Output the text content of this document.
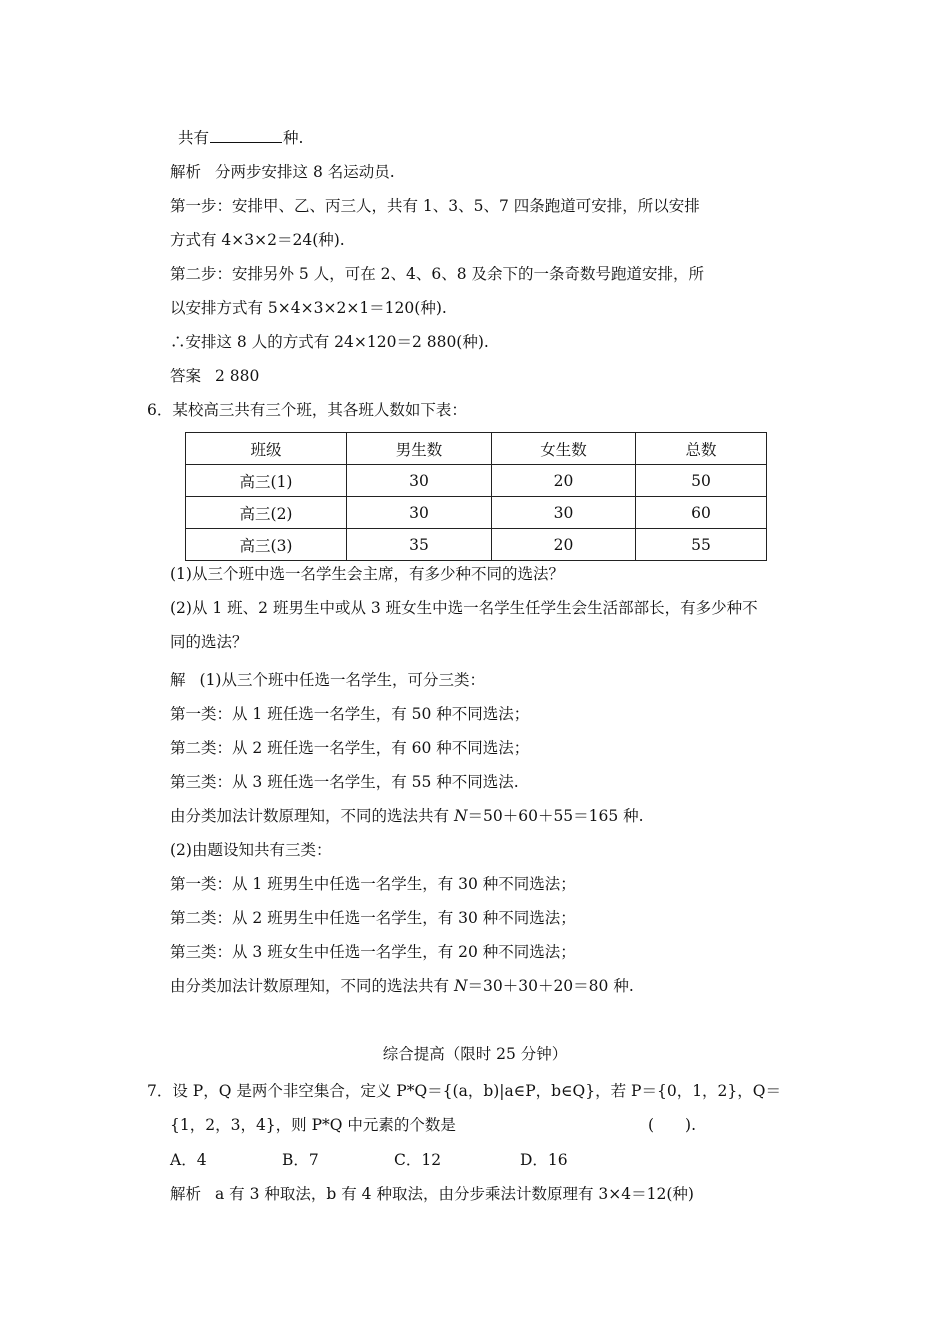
共有	种.
解析 分两步安排这 8 名运动员.
第一步：安排甲、乙、丙三人，共有 1、3、5、7 四条跑道可安排，所以安排
方式有 4×3×2＝24(种).
第二步：安排另外 5 人，可在 2、4、6、8 及余下的一条奇数号跑道安排，所
以安排方式有 5×4×3×2×1＝120(种).
∴安排这 8 人的方式有 24×120＝2 880(种).
答案 2 880
6．某校高三共有三个班，其各班人数如下表：
班级	男生数	女生数	总数
高三(1)	30	20	50
高三(2)	30	30	60
高三(3)	35	20	55
(1)从三个班中选一名学生会主席，有多少种不同的选法？
(2)从 1 班、2 班男生中或从 3 班女生中选一名学生任学生会生活部部长，有多少种不
同的选法？
解 (1)从三个班中任选一名学生，可分三类：
第一类：从 1 班任选一名学生，有 50 种不同选法；
第二类：从 2 班任选一名学生，有 60 种不同选法；
第三类：从 3 班任选一名学生，有 55 种不同选法.
由分类加法计数原理知，不同的选法共有 N＝50＋60＋55＝165 种.
(2)由题设知共有三类：
第一类：从 1 班男生中任选一名学生，有 30 种不同选法；
第二类：从 2 班男生中任选一名学生，有 30 种不同选法；
第三类：从 3 班女生中任选一名学生，有 20 种不同选法；
由分类加法计数原理知，不同的选法共有 N＝30＋30＋20＝80 种.
综合提高（限时 25 分钟）
7．设 P，Q 是两个非空集合，定义 P*Q＝{(a，b)|a∈P，b∈Q}，若 P＝{0，1，2}，Q＝
{1，2，3，4}，则 P*Q 中元素的个数是	(　　).
A．4	B．7	C．12	D．16
解析 a 有 3 种取法，b 有 4 种取法，由分步乘法计数原理有 3×4＝12(种)
